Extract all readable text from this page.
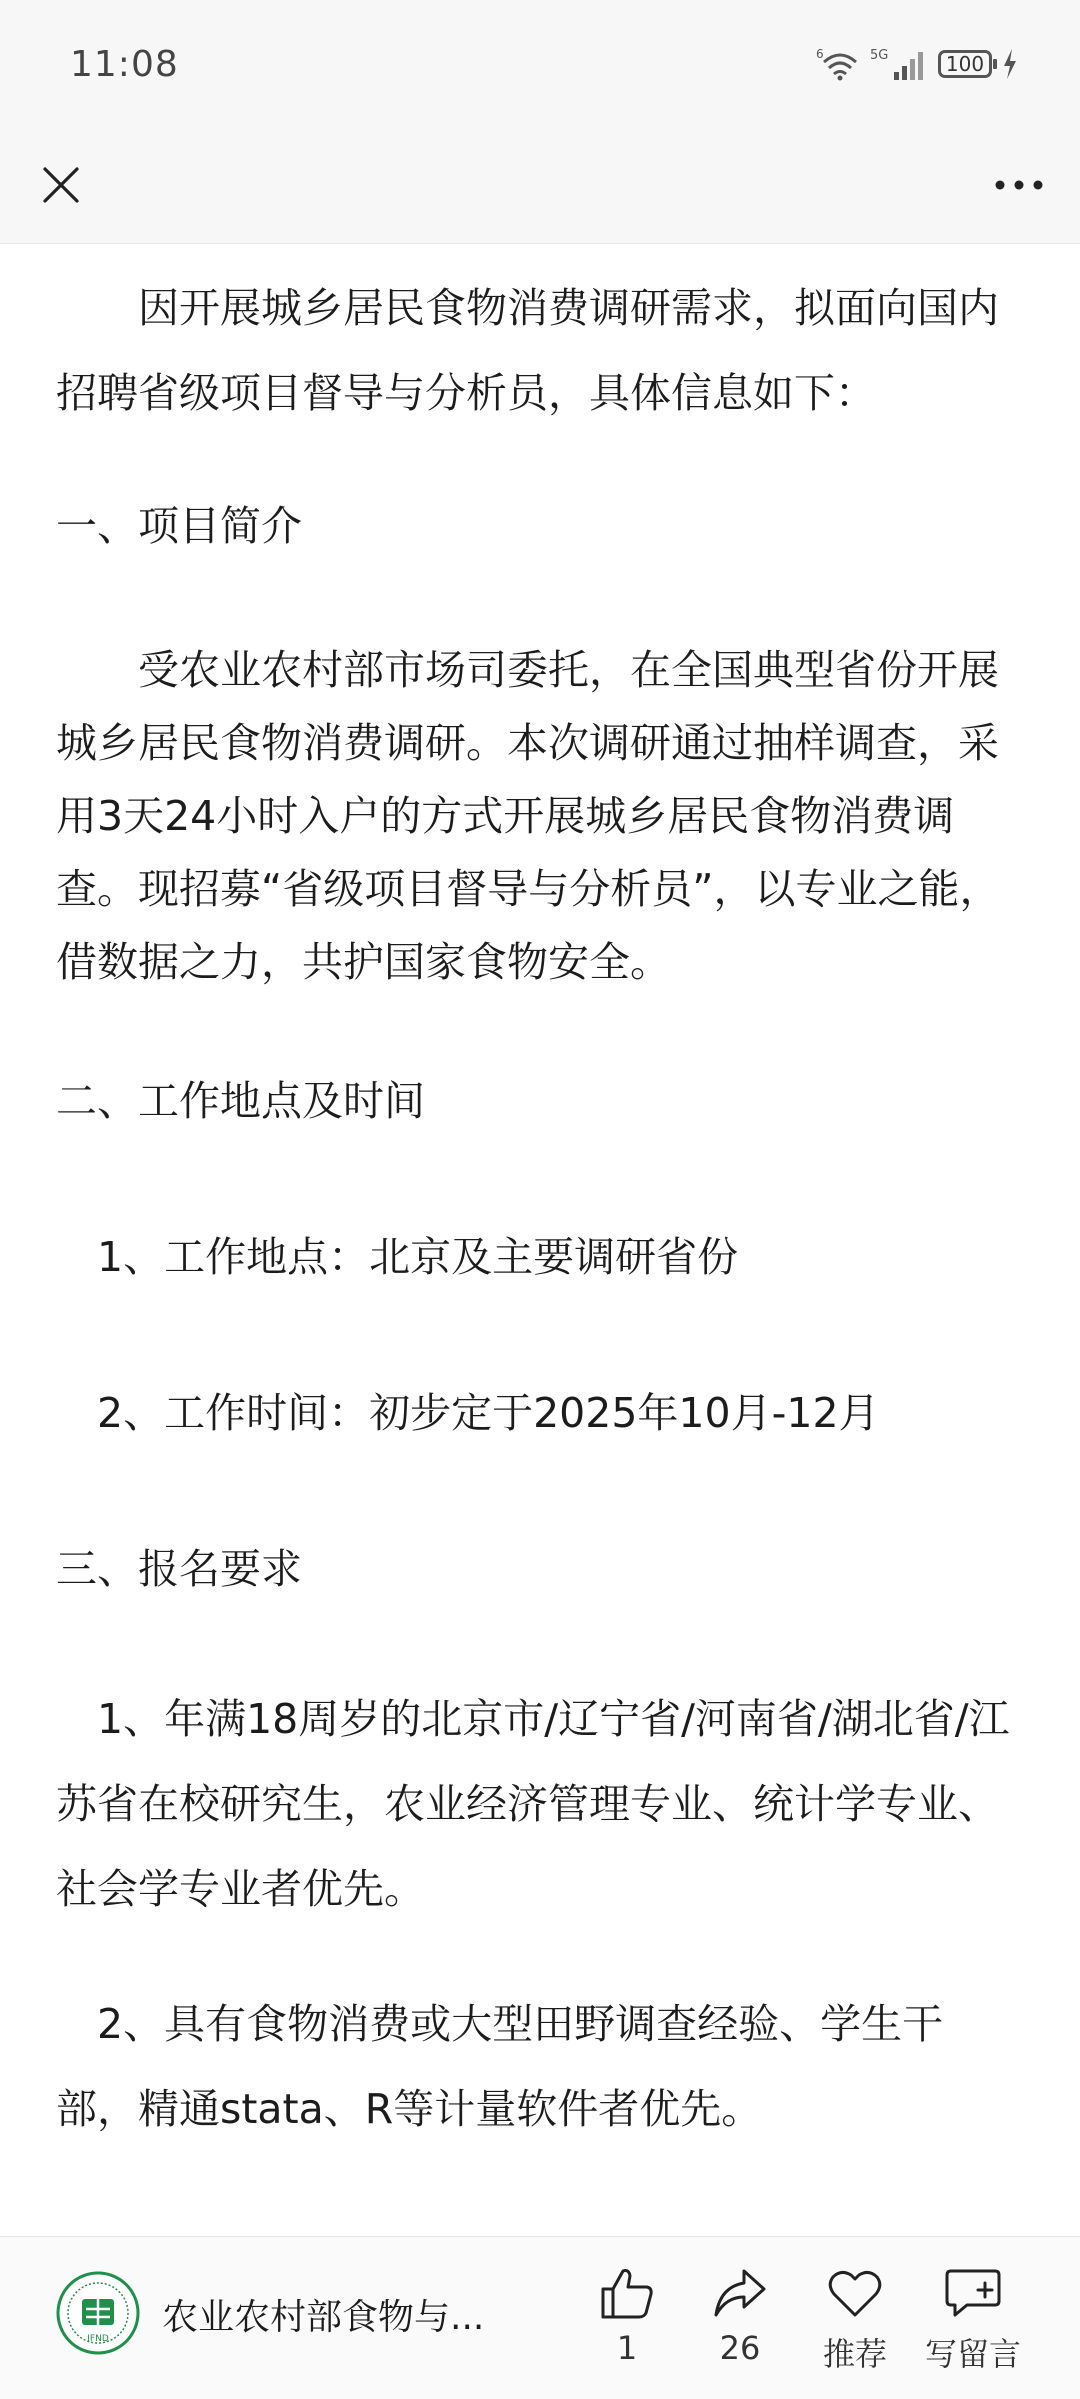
11:08	6	5G	100

　　因开展城乡居民食物消费调研需求，拟面向国内招聘省级项目督导与分析员，具体信息如下：

一、项目简介

　　受农业农村部市场司委托，在全国典型省份开展城乡居民食物消费调研。本次调研通过抽样调查，采用3天24小时入户的方式开展城乡居民食物消费调查。现招募“省级项目督导与分析员”，以专业之能，借数据之力，共护国家食物安全。

二、工作地点及时间

　1、工作地点：北京及主要调研省份

　2、工作时间：初步定于2025年10月-12月

三、报名要求

　1、年满18周岁的北京市/辽宁省/河南省/湖北省/江苏省在校研究生，农业经济管理专业、统计学专业、社会学专业者优先。

　2、具有食物消费或大型田野调查经验、学生干部，精通stata、R等计量软件者优先。

IFND
农业农村部食物与...
1	26	推荐	写留言
